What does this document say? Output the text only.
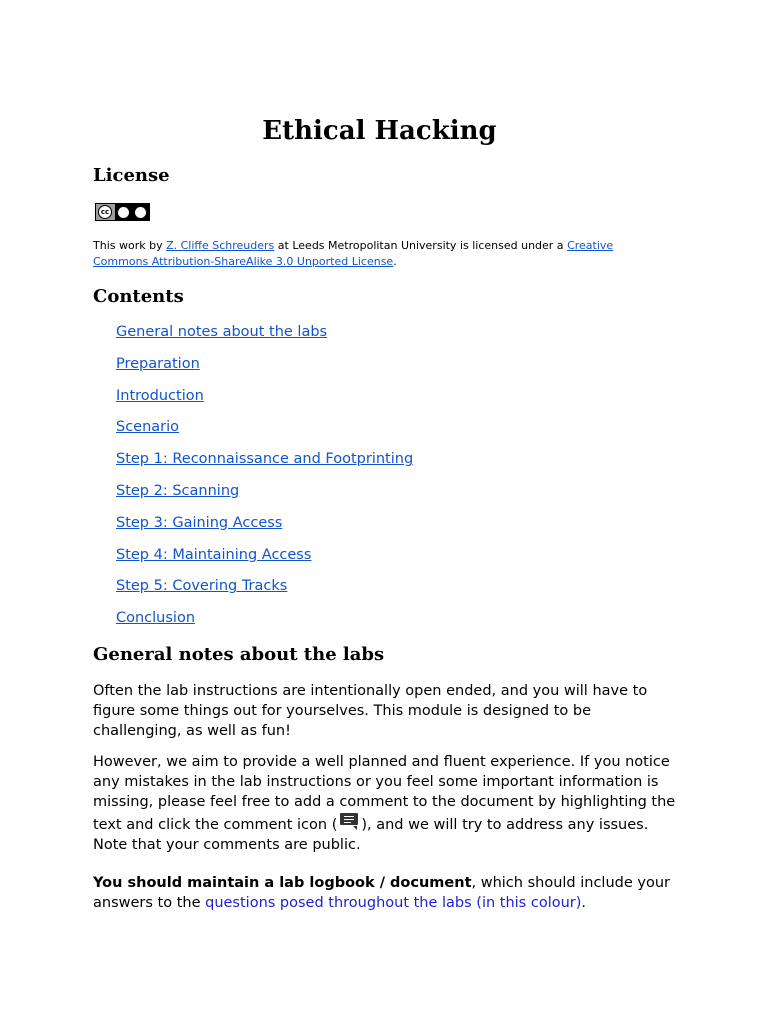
Ethical Hacking
License
cc
This work by Z. Cliffe Schreuders at Leeds Metropolitan University is licensed under a Creative Commons Attribution-ShareAlike 3.0 Unported License.
Contents
General notes about the labs
Preparation
Introduction
Scenario
Step 1: Reconnaissance and Footprinting
Step 2: Scanning
Step 3: Gaining Access
Step 4: Maintaining Access
Step 5: Covering Tracks
Conclusion
General notes about the labs

Often the lab instructions are intentionally open ended, and you will have to figure some things out for yourselves. This module is designed to be challenging, as well as fun!

However, we aim to provide a well planned and fluent experience. If you notice any mistakes in the lab instructions or you feel some important information is missing, please feel free to add a comment to the document by highlighting the text and click the comment icon ( ), and we will try to address any issues. Note that your comments are public.

You should maintain a lab logbook / document, which should include your answers to the questions posed throughout the labs (in this colour).
